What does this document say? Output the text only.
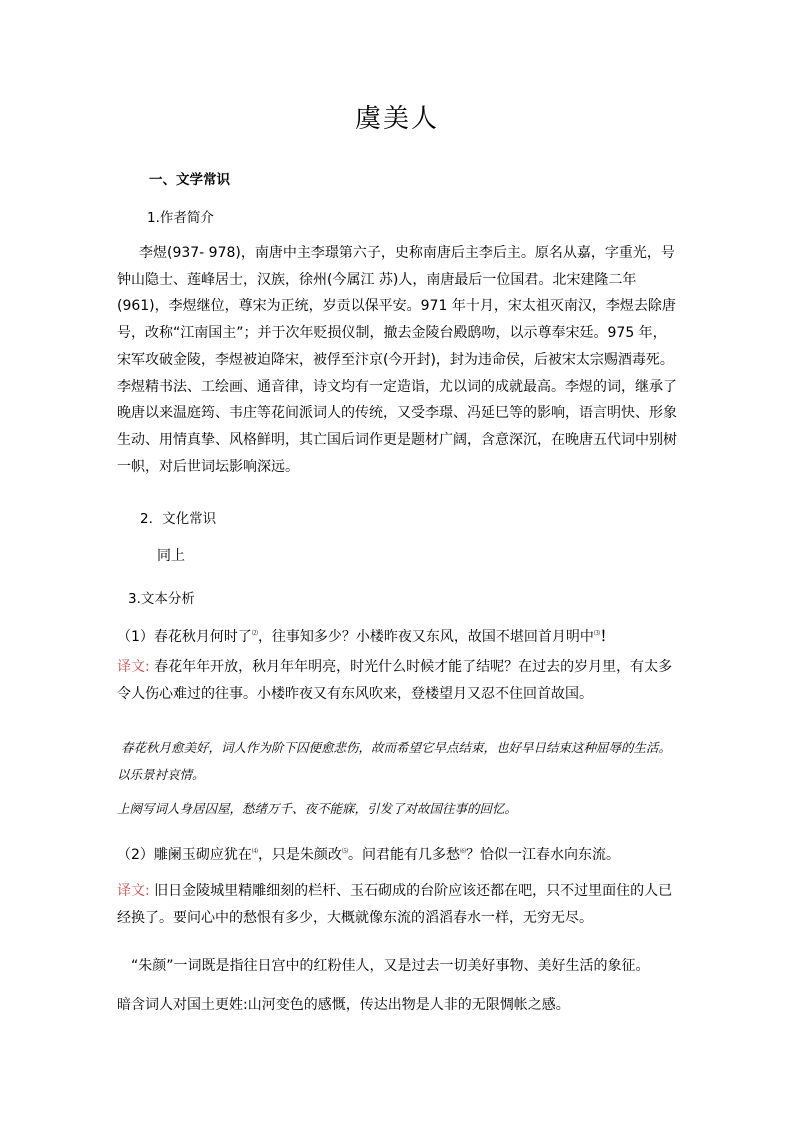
虞美人
一、文学常识
1.作者简介

李煜(937- 978)，南唐中主李璟第六子，史称南唐后主李后主。原名从嘉，字重光，号钟山隐士、莲峰居士，汉族，徐州(今属江 苏)人，南唐最后一位国君。北宋建隆二年(961)，李煜继位，尊宋为正统，岁贡以保平安。971 年十月，宋太祖灭南汉，李煜去除唐号，改称“江南国主”；并于次年贬损仪制，撤去金陵台殿鸱吻，以示尊奉宋廷。975 年，宋军攻破金陵，李煜被迫降宋，被俘至汴京(今开封)，封为违命侯，后被宋太宗赐酒毒死。李煜精书法、工绘画、通音律，诗文均有一定造诣，尤以词的成就最高。李煜的词，继承了晚唐以来温庭筠、韦庄等花间派词人的传统，又受李璟、冯延巳等的影响，语言明快、形象生动、用情真挚、风格鲜明，其亡国后词作更是题材广阔，含意深沉，在晚唐五代词中别树一帜，对后世词坛影响深远。

2．文化常识
同上
3.文本分析
（1）春花秋月何时了⑵，往事知多少？小楼昨夜又东风，故国不堪回首月明中⑶！

译文: 春花年年开放，秋月年年明亮，时光什么时候才能了结呢？在过去的岁月里，有太多令人伤心难过的往事。小楼昨夜又有东风吹来，登楼望月又忍不住回首故国。

春花秋月愈美好，词人作为阶下囚便愈悲伤，故而希望它早点结束，也好早日结束这种屈辱的生活。以乐景衬哀情。

上阕写词人身居囚屋，愁绪万千、夜不能寐，引发了对故国往事的回忆。
（2）雕阑玉砌应犹在⑷，只是朱颜改⑸。问君能有几多愁⑹？恰似一江春水向东流。

译文: 旧日金陵城里精雕细刻的栏杆、玉石砌成的台阶应该还都在吧，只不过里面住的人已经换了。要问心中的愁恨有多少，大概就像东流的滔滔春水一样，无穷无尽。

“朱颜”一词既是指往日宫中的红粉佳人，又是过去一切美好事物、美好生活的象征。
暗含词人对国土更姓:山河变色的感慨，传达出物是人非的无限惆帐之感。
